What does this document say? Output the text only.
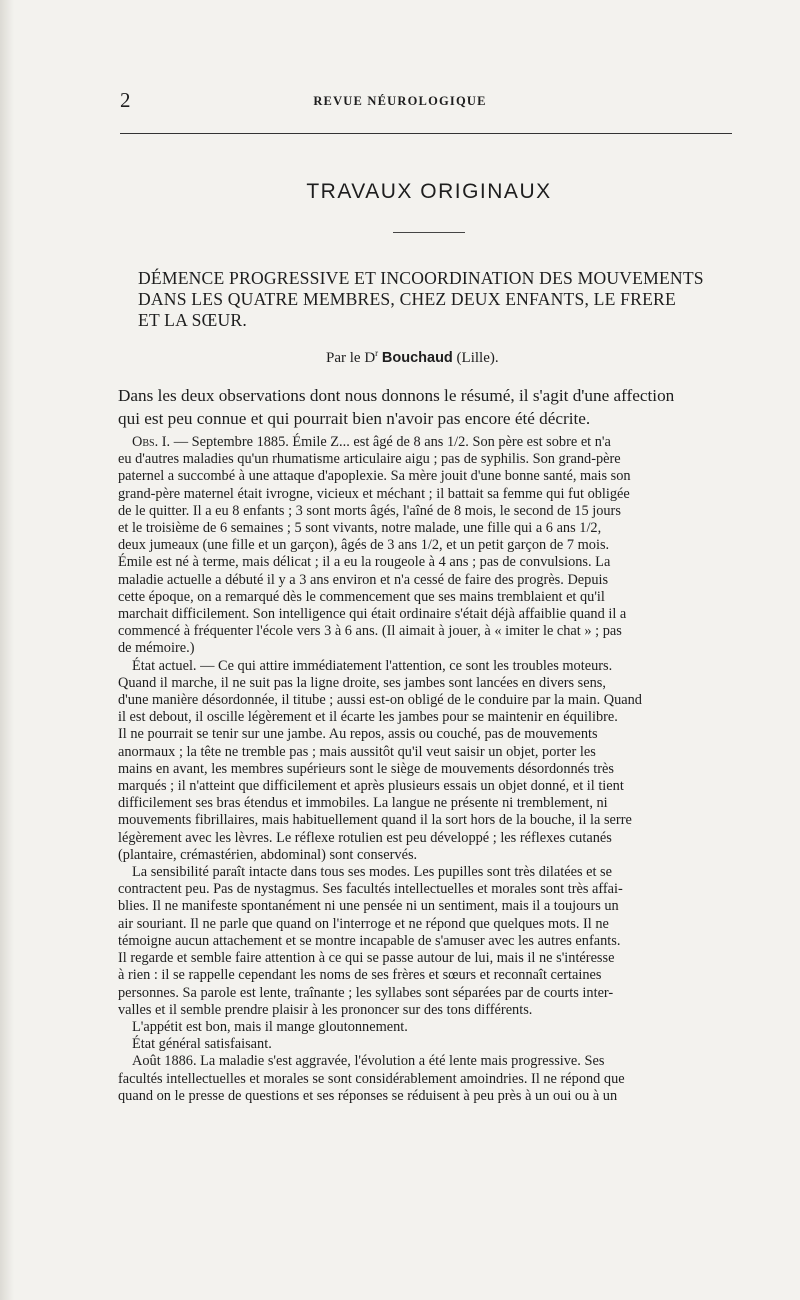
2	REVUE NÉUROLOGIQUE
TRAVAUX ORIGINAUX
DÉMENCE PROGRESSIVE ET INCOORDINATION DES MOUVEMENTS
DANS LES QUATRE MEMBRES, CHEZ DEUX ENFANTS, LE FRERE
ET LA SŒUR.
Par le $D^r$ Bouchaud (Lille).
Dans les deux observations dont nous donnons le résumé, il s'agit d'une affection
qui est peu connue et qui pourrait bien n'avoir pas encore été décrite.
Obs. I. — Septembre 1885. Émile Z... est âgé de 8 ans 1/2. Son père est sobre et n'a
eu d'autres maladies qu'un rhumatisme articulaire aigu ; pas de syphilis. Son grand-père
paternel a succombé à une attaque d'apoplexie. Sa mère jouit d'une bonne santé, mais son
grand-père maternel était ivrogne, vicieux et méchant ; il battait sa femme qui fut obligée
de le quitter. Il a eu 8 enfants ; 3 sont morts âgés, l'aîné de 8 mois, le second de 15 jours
et le troisième de 6 semaines ; 5 sont vivants, notre malade, une fille qui a 6 ans 1/2,
deux jumeaux (une fille et un garçon), âgés de 3 ans 1/2, et un petit garçon de 7 mois.
Émile est né à terme, mais délicat ; il a eu la rougeole à 4 ans ; pas de convulsions. La
maladie actuelle a débuté il y a 3 ans environ et n'a cessé de faire des progrès. Depuis
cette époque, on a remarqué dès le commencement que ses mains tremblaient et qu'il
marchait difficilement. Son intelligence qui était ordinaire s'était déjà affaiblie quand il a
commencé à fréquenter l'école vers 3 à 6 ans. (Il aimait à jouer, à « imiter le chat » ; pas
de mémoire.)
État actuel. — Ce qui attire immédiatement l'attention, ce sont les troubles moteurs.
Quand il marche, il ne suit pas la ligne droite, ses jambes sont lancées en divers sens,
d'une manière désordonnée, il titube ; aussi est-on obligé de le conduire par la main. Quand
il est debout, il oscille légèrement et il écarte les jambes pour se maintenir en équilibre.
Il ne pourrait se tenir sur une jambe. Au repos, assis ou couché, pas de mouvements
anormaux ; la tête ne tremble pas ; mais aussitôt qu'il veut saisir un objet, porter les
mains en avant, les membres supérieurs sont le siège de mouvements désordonnés très
marqués ; il n'atteint que difficilement et après plusieurs essais un objet donné, et il tient
difficilement ses bras étendus et immobiles. La langue ne présente ni tremblement, ni
mouvements fibrillaires, mais habituellement quand il la sort hors de la bouche, il la serre
légèrement avec les lèvres. Le réflexe rotulien est peu développé ; les réflexes cutanés
(plantaire, crémastérien, abdominal) sont conservés.
La sensibilité paraît intacte dans tous ses modes. Les pupilles sont très dilatées et se
contractent peu. Pas de nystagmus. Ses facultés intellectuelles et morales sont très affai-
blies. Il ne manifeste spontanément ni une pensée ni un sentiment, mais il a toujours un
air souriant. Il ne parle que quand on l'interroge et ne répond que quelques mots. Il ne
témoigne aucun attachement et se montre incapable de s'amuser avec les autres enfants.
Il regarde et semble faire attention à ce qui se passe autour de lui, mais il ne s'intéresse
à rien : il se rappelle cependant les noms de ses frères et sœurs et reconnaît certaines
personnes. Sa parole est lente, traînante ; les syllabes sont séparées par de courts inter-
valles et il semble prendre plaisir à les prononcer sur des tons différents.
L'appétit est bon, mais il mange gloutonnement.
État général satisfaisant.
Août 1886. La maladie s'est aggravée, l'évolution a été lente mais progressive. Ses
facultés intellectuelles et morales se sont considérablement amoindries. Il ne répond que
quand on le presse de questions et ses réponses se réduisent à peu près à un oui ou à un
